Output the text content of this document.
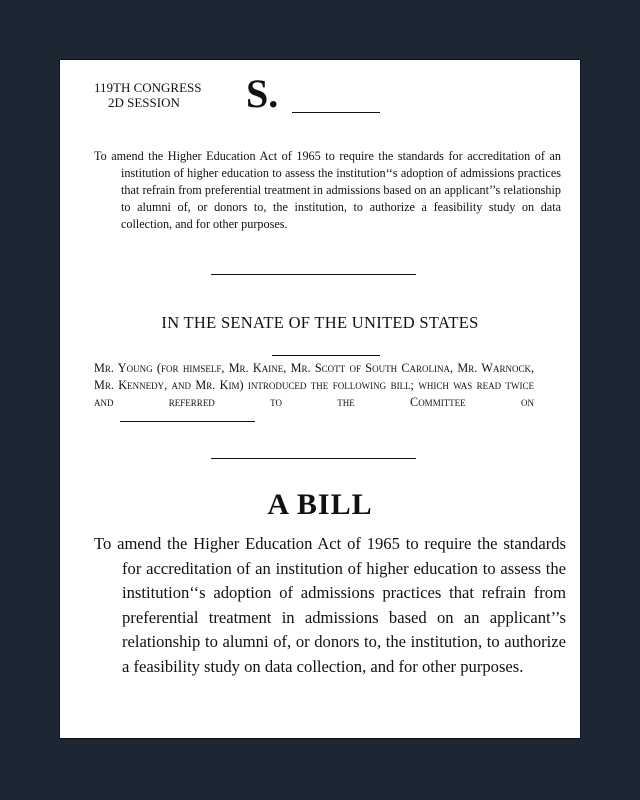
119TH CONGRESS
2D SESSION	S.
To amend the Higher Education Act of 1965 to require the standards for accreditation of an institution of higher education to assess the institution‘‘s adoption of admissions practices that refrain from preferential treatment in admissions based on an applicant’’s relationship to alumni of, or donors to, the institution, to authorize a feasibility study on data collection, and for other purposes.
IN THE SENATE OF THE UNITED STATES
Mr. Young (for himself, Mr. Kaine, Mr. Scott of South Carolina, Mr. Warnock, Mr. Kennedy, and Mr. Kim) introduced the following bill; which was read twice and referred to the Committee on
A BILL
To amend the Higher Education Act of 1965 to require the standards for accreditation of an institution of higher education to assess the institution‘‘s adoption of admissions practices that refrain from preferential treatment in admissions based on an applicant’’s relationship to alumni of, or donors to, the institution, to authorize a feasibility study on data collection, and for other purposes.
